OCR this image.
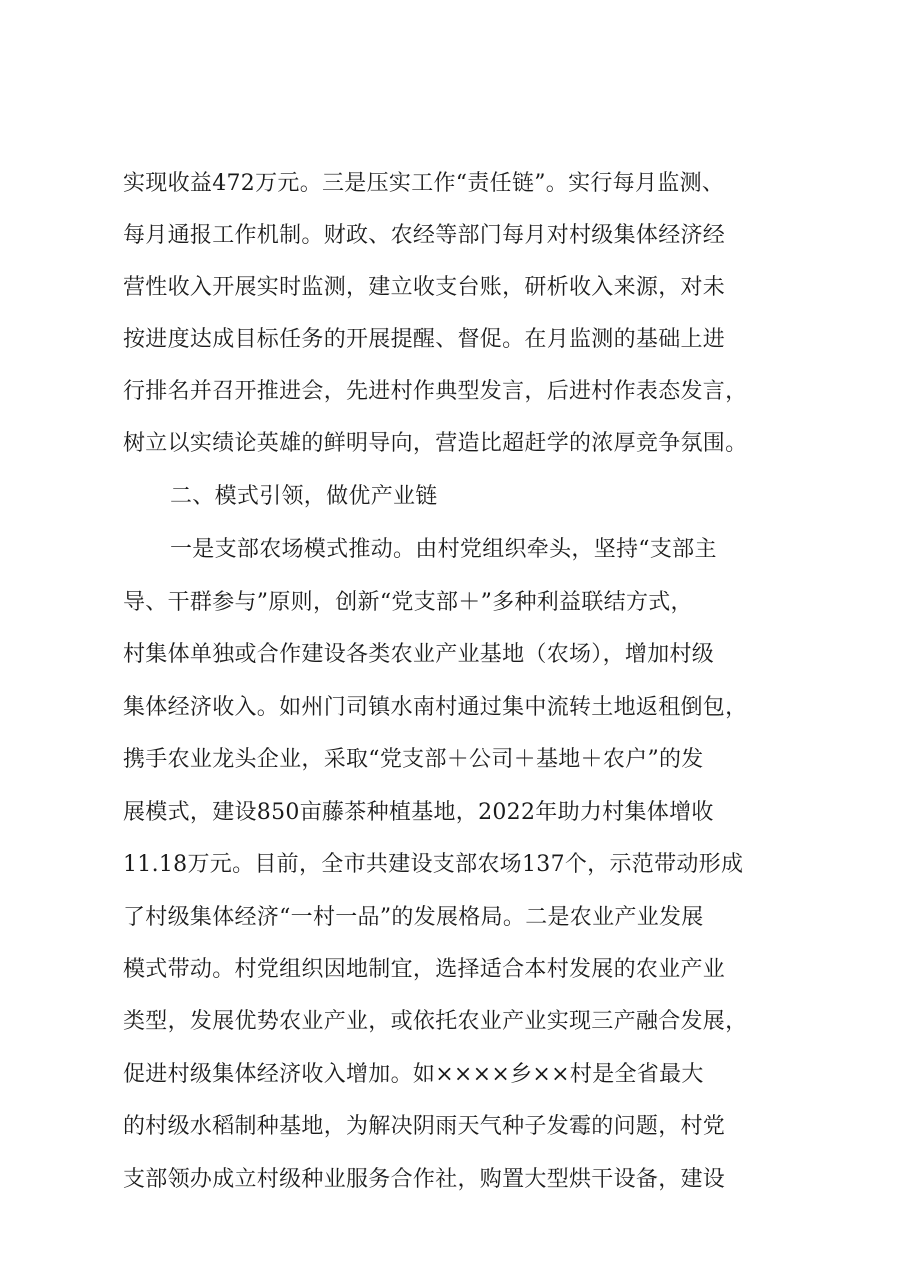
实现收益472万元。三是压实工作“责任链”。实行每月监测、
每月通报工作机制。财政、农经等部门每月对村级集体经济经
营性收入开展实时监测，建立收支台账，研析收入来源，对未
按进度达成目标任务的开展提醒、督促。在月监测的基础上进
行排名并召开推进会，先进村作典型发言，后进村作表态发言，
树立以实绩论英雄的鲜明导向，营造比超赶学的浓厚竞争氛围。
二、模式引领，做优产业链
一是支部农场模式推动。由村党组织牵头，坚持“支部主
导、干群参与”原则，创新“党支部＋”多种利益联结方式，
村集体单独或合作建设各类农业产业基地（农场），增加村级
集体经济收入。如州门司镇水南村通过集中流转土地返租倒包，
携手农业龙头企业，采取“党支部＋公司＋基地＋农户”的发
展模式，建设850亩藤茶种植基地，2022年助力村集体增收
11.18万元。目前，全市共建设支部农场137个，示范带动形成
了村级集体经济“一村一品”的发展格局。二是农业产业发展
模式带动。村党组织因地制宜，选择适合本村发展的农业产业
类型，发展优势农业产业，或依托农业产业实现三产融合发展，
促进村级集体经济收入增加。如××××乡××村是全省最大
的村级水稻制种基地，为解决阴雨天气种子发霉的问题，村党
支部领办成立村级种业服务合作社，购置大型烘干设备，建设
